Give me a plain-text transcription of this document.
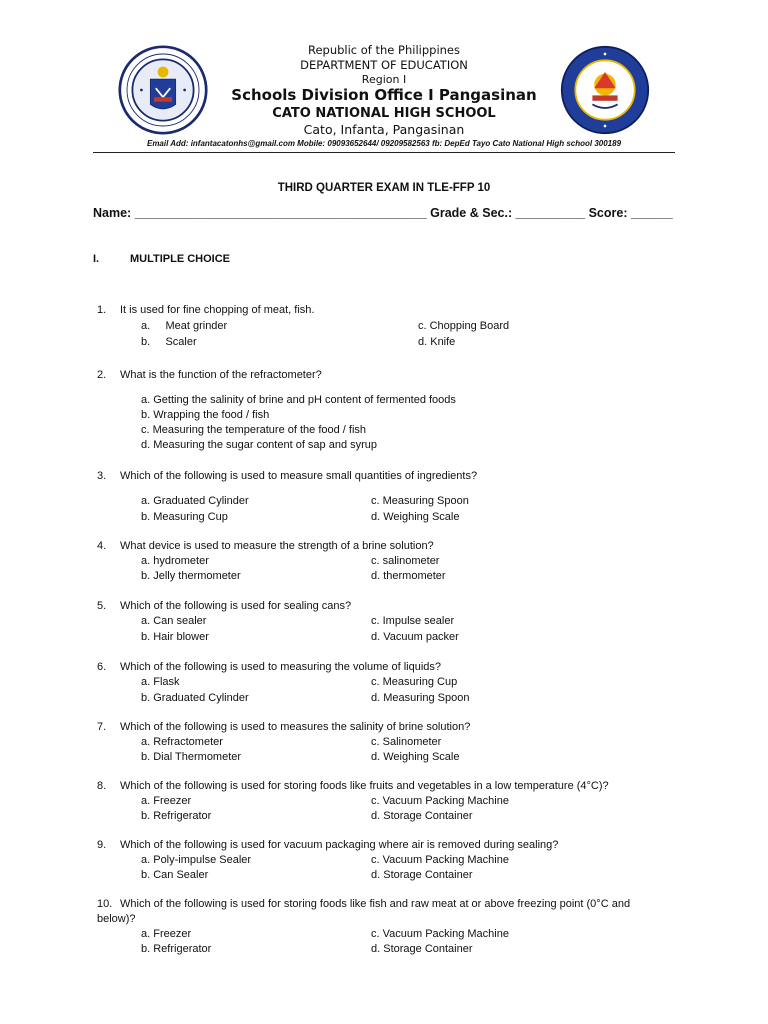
Republic of the Philippines
DEPARTMENT OF EDUCATION
Region I
Schools Division Office I Pangasinan
CATO NATIONAL HIGH SCHOOL
Cato, Infanta, Pangasinan
Email Add: infantacatonhs@gmail.com Mobile: 09093652644/ 09209582563 fb: DepEd Tayo Cato National High school 300189
THIRD QUARTER EXAM IN TLE-FFP 10
Name: __________________________________________ Grade & Sec.: __________ Score: ______
I.	MULTIPLE CHOICE
1. It is used for fine chopping of meat, fish.
a.     Meat grinder
b.     Scaler
c. Chopping Board
d. Knife
2. What is the function of the refractometer?
a. Getting the salinity of brine and pH content of fermented foods
b. Wrapping the food / fish
c. Measuring the temperature of the food / fish
d. Measuring the sugar content of sap and syrup
3. Which of the following is used to measure small quantities of ingredients?
a. Graduated Cylinder
b. Measuring Cup
c. Measuring Spoon
d. Weighing Scale
4. What device is used to measure the strength of a brine solution?
a. hydrometer
b. Jelly thermometer
c. salinometer
d. thermometer
5. Which of the following is used for sealing cans?
a. Can sealer
b. Hair blower
c. Impulse sealer
d. Vacuum packer
6. Which of the following is used to measuring the volume of liquids?
a. Flask
b. Graduated Cylinder
c. Measuring Cup
d. Measuring Spoon
7. Which of the following is used to measures the salinity of brine solution?
a. Refractometer
b. Dial Thermometer
c. Salinometer
d. Weighing Scale
8. Which of the following is used for storing foods like fruits and vegetables in a low temperature (4°C)?
a. Freezer
b. Refrigerator
c. Vacuum Packing Machine
d. Storage Container
9. Which of the following is used for vacuum packaging where air is removed during sealing?
a. Poly-impulse Sealer
b. Can Sealer
c. Vacuum Packing Machine
d. Storage Container
10. Which of the following is used for storing foods like fish and raw meat at or above freezing point (0°C and
below)?
a. Freezer
b. Refrigerator
c. Vacuum Packing Machine
d. Storage Container
